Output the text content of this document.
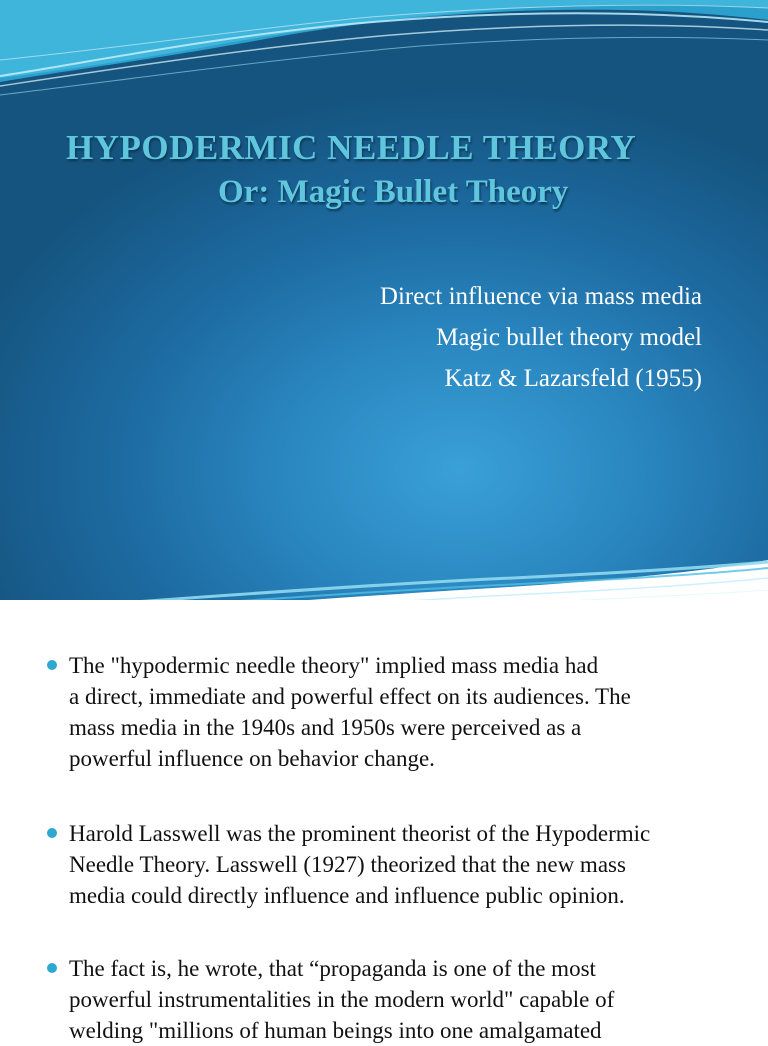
HYPODERMIC NEEDLE THEORY
Or: Magic Bullet Theory
Direct influence via mass media
Magic bullet theory model
Katz & Lazarsfeld (1955)
The "hypodermic needle theory" implied mass media had
a direct, immediate and powerful effect on its audiences. The
mass media in the 1940s and 1950s were perceived as a
powerful influence on behavior change.
Harold Lasswell was the prominent theorist of the Hypodermic
Needle Theory. Lasswell (1927) theorized that the new mass
media could directly influence and influence public opinion.
The fact is, he wrote, that “propaganda is one of the most
powerful instrumentalities in the modern world" capable of
welding "millions of human beings into one amalgamated
